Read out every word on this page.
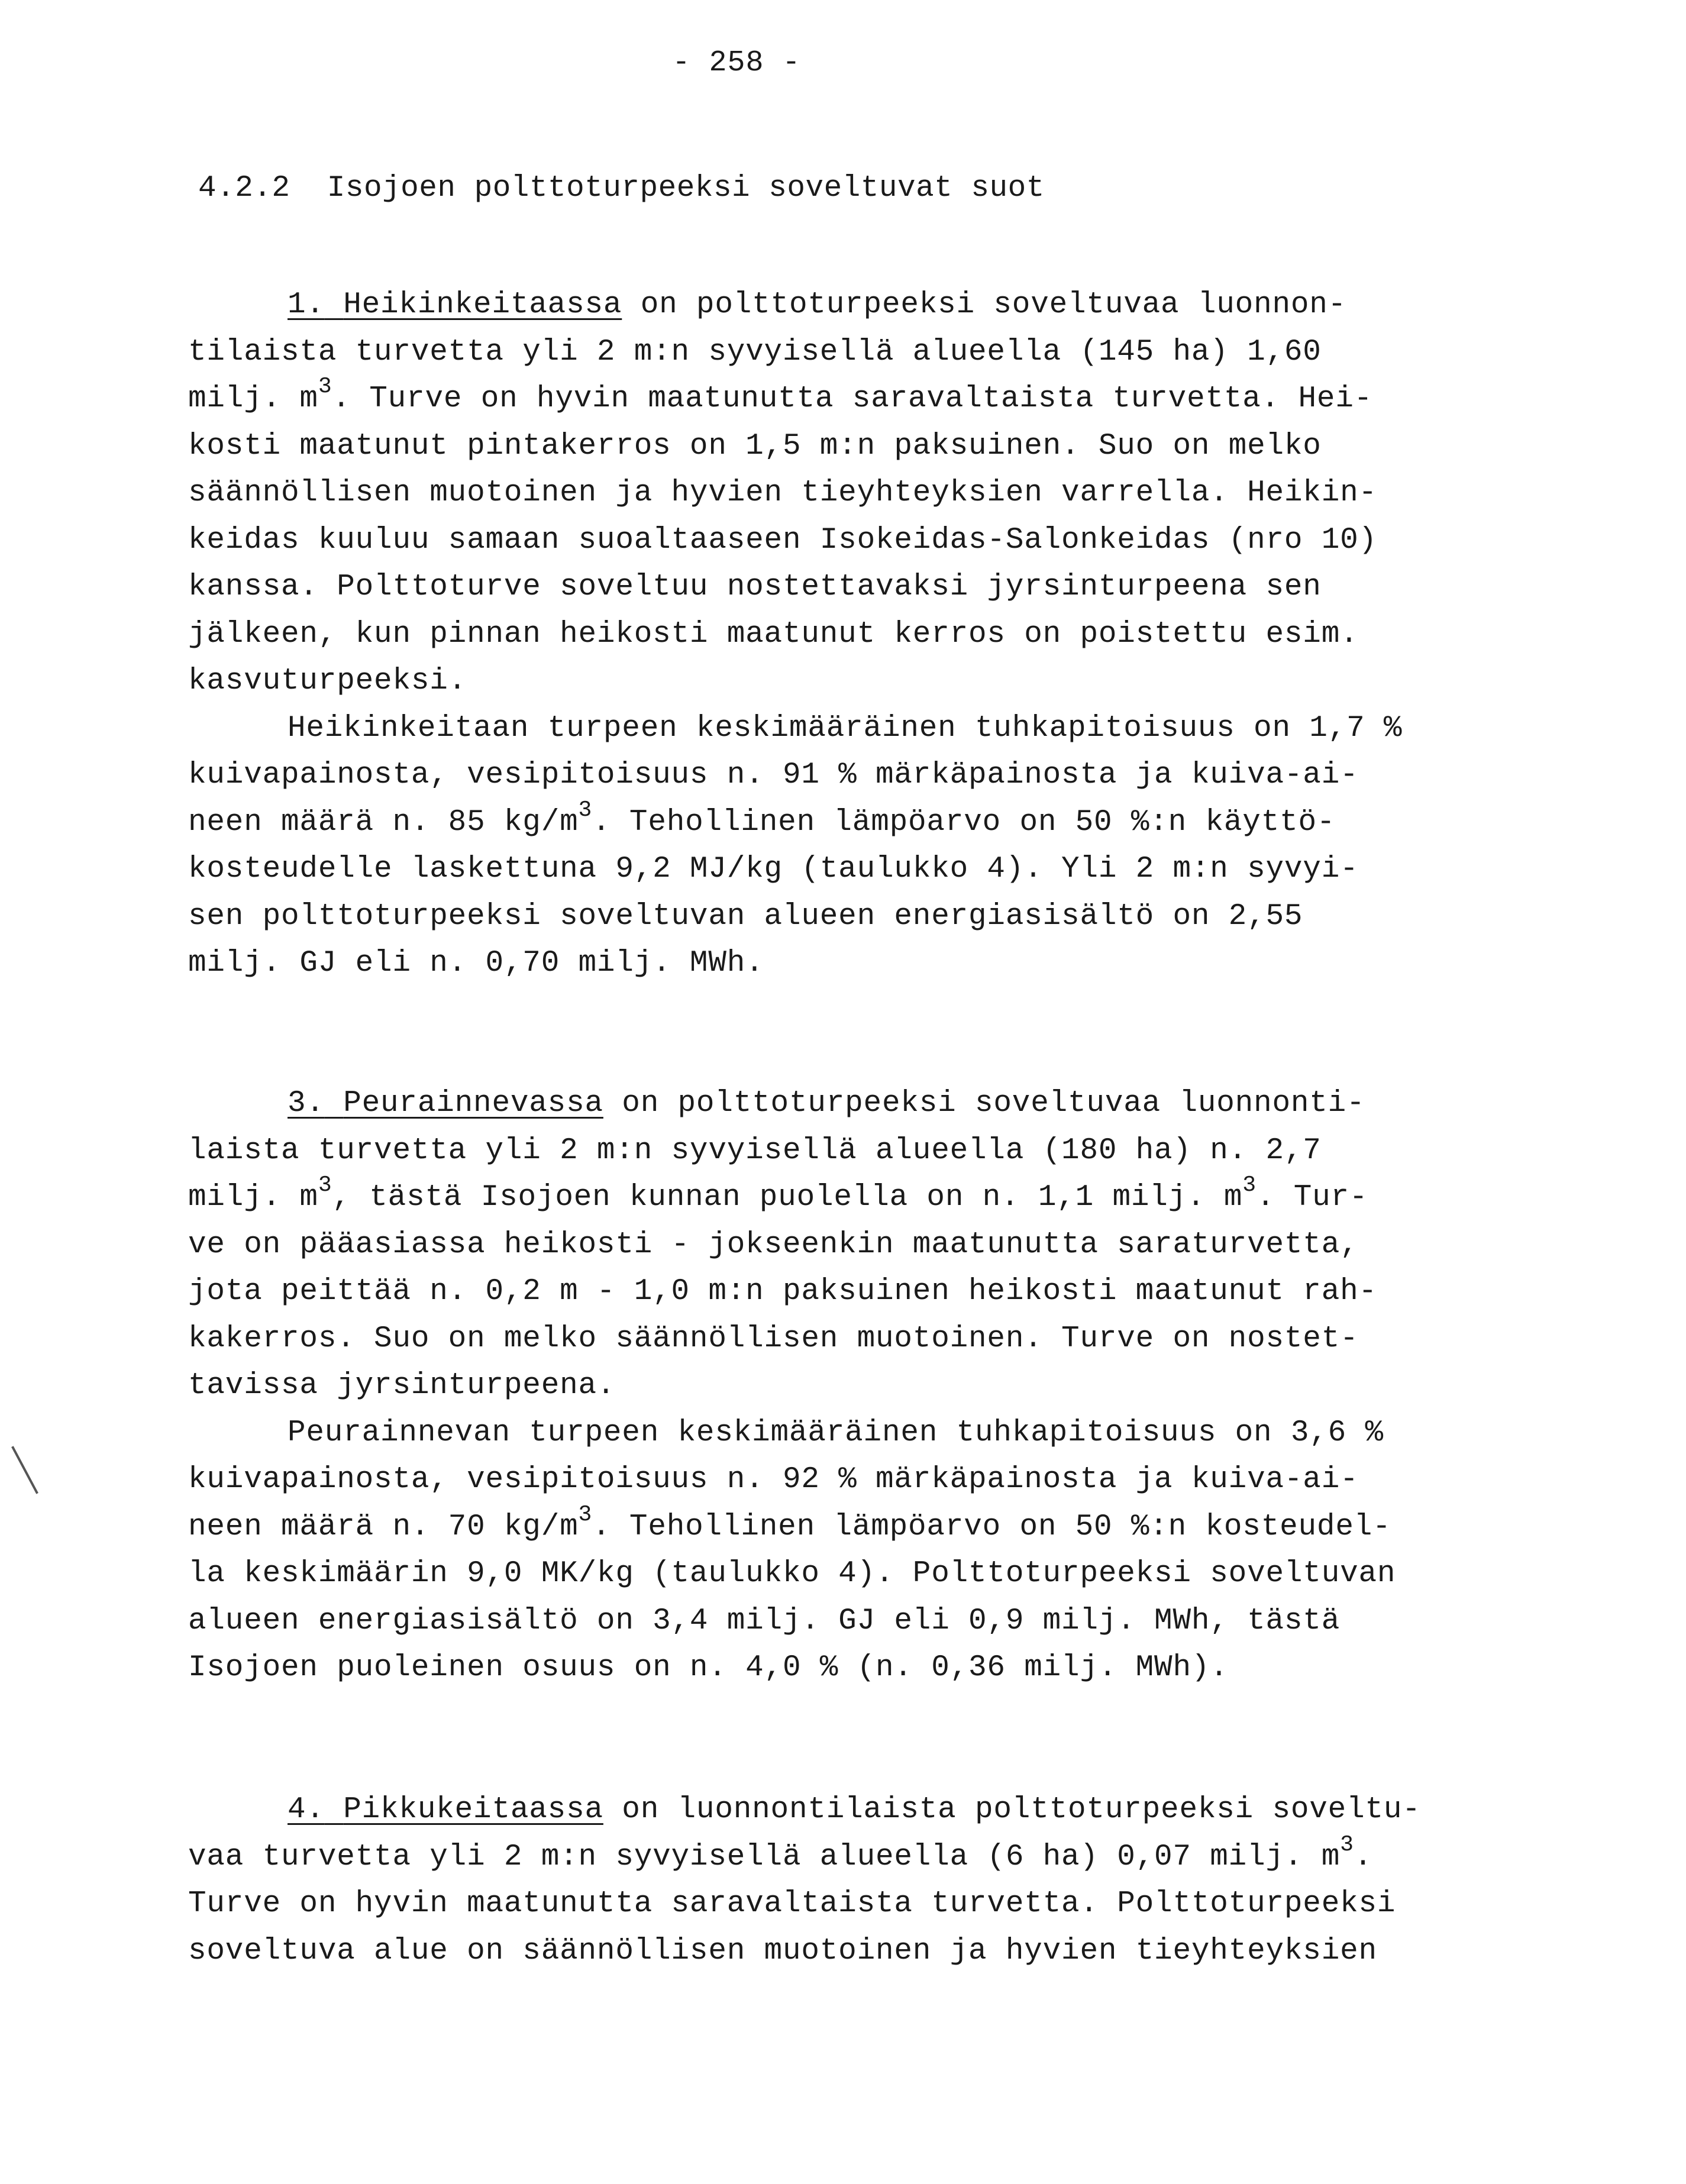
- 258 -
4.2.2 Isojoen polttoturpeeksi soveltuvat suot
1. Heikinkeitaassa on polttoturpeeksi soveltuvaa luonnon-
tilaista turvetta yli 2 m:n syvyisellä alueella (145 ha) 1,60
milj. $m^3$. Turve on hyvin maatunutta saravaltaista turvetta. Hei-
kosti maatunut pintakerros on 1,5 m:n paksuinen. Suo on melko
säännöllisen muotoinen ja hyvien tieyhteyksien varrella. Heikin-
keidas kuuluu samaan suoaltaaseen Isokeidas-Salonkeidas (nro 10)
kanssa. Polttoturve soveltuu nostettavaksi jyrsinturpeena sen
jälkeen, kun pinnan heikosti maatunut kerros on poistettu esim.
kasvuturpeeksi.
Heikinkeitaan turpeen keskimääräinen tuhkapitoisuus on 1,7 %
kuivapainosta, vesipitoisuus n. 91 % märkäpainosta ja kuiva-ai-
neen määrä n. 85 $kg/m^3$. Tehollinen lämpöarvo on 50 %:n käyttö-
kosteudelle laskettuna 9,2 MJ/kg (taulukko 4). Yli 2 m:n syvyi-
sen polttoturpeeksi soveltuvan alueen energiasisältö on 2,55
milj. GJ eli n. 0,70 milj. MWh.
3. Peurainnevassa on polttoturpeeksi soveltuvaa luonnonti-
laista turvetta yli 2 m:n syvyisellä alueella (180 ha) n. 2,7
milj. $m^3$, tästä Isojoen kunnan puolella on n. 1,1 milj. $m^3$. Tur-
ve on pääasiassa heikosti - jokseenkin maatunutta saraturvetta,
jota peittää n. 0,2 m - 1,0 m:n paksuinen heikosti maatunut rah-
kakerros. Suo on melko säännöllisen muotoinen. Turve on nostet-
tavissa jyrsinturpeena.
Peurainnevan turpeen keskimääräinen tuhkapitoisuus on 3,6 %
kuivapainosta, vesipitoisuus n. 92 % märkäpainosta ja kuiva-ai-
neen määrä n. 70 $kg/m^3$. Tehollinen lämpöarvo on 50 %:n kosteudel-
la keskimäärin 9,0 MK/kg (taulukko 4). Polttoturpeeksi soveltuvan
alueen energiasisältö on 3,4 milj. GJ eli 0,9 milj. MWh, tästä
Isojoen puoleinen osuus on n. 4,0 % (n. 0,36 milj. MWh).
4. Pikkukeitaassa on luonnontilaista polttoturpeeksi soveltu-
vaa turvetta yli 2 m:n syvyisellä alueella (6 ha) 0,07 milj. $m^3$.
Turve on hyvin maatunutta saravaltaista turvetta. Polttoturpeeksi
soveltuva alue on säännöllisen muotoinen ja hyvien tieyhteyksien
